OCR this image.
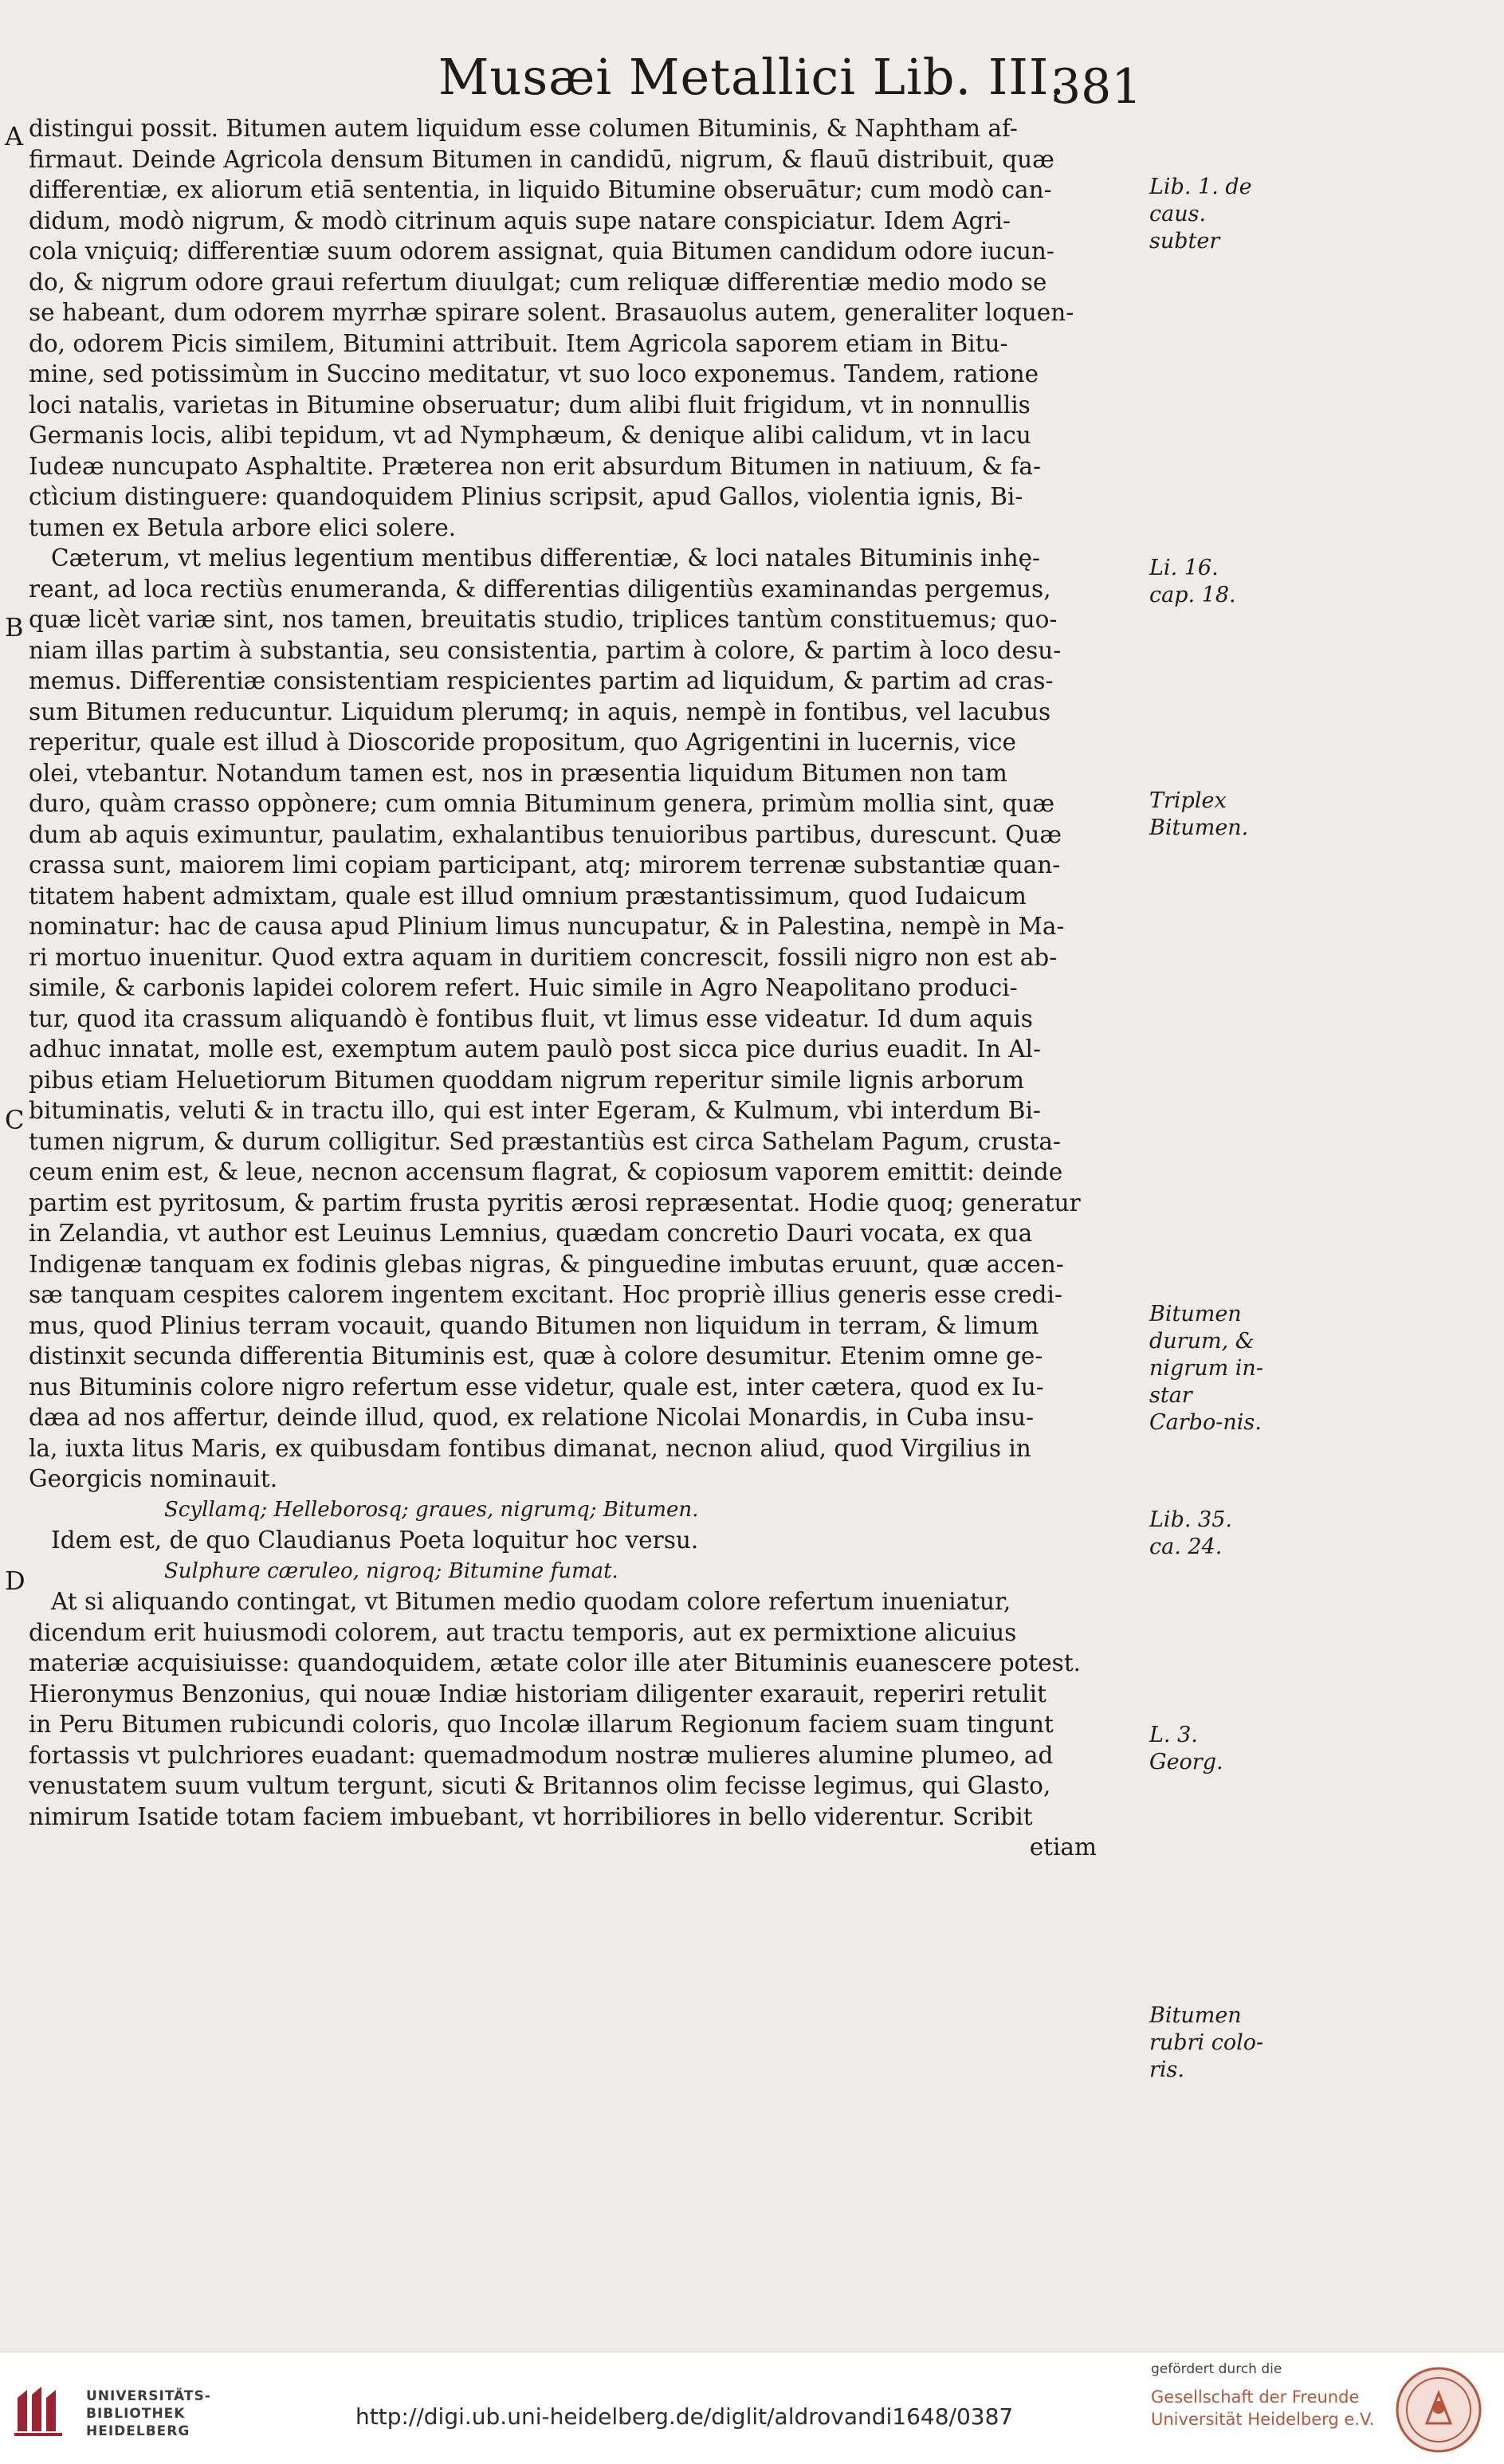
Musæi Metallici Lib. III.
381
A
B
C
D
distingui possit. Bitumen autem liquidum esse columen Bituminis, & Naphtham af-
firmaut. Deinde Agricola densum Bitumen in candidū, nigrum, & flauū distribuit, quæ
differentiæ, ex aliorum etiā sententia, in liquido Bitumine obseruātur; cum modò can-
didum, modò nigrum, & modò citrinum aquis supe natare conspiciatur. Idem Agri-
cola vniçuiq; differentiæ suum odorem assignat, quia Bitumen candidum odore iucun-
do, & nigrum odore graui refertum diuulgat; cum reliquæ differentiæ medio modo se
se habeant, dum odorem myrrhæ spirare solent. Brasauolus autem, generaliter loquen-
do, odorem Picis similem, Bitumini attribuit. Item Agricola saporem etiam in Bitu-
mine, sed potissimùm in Succino meditatur, vt suo loco exponemus. Tandem, ratione
loci natalis, varietas in Bitumine obseruatur; dum alibi fluit frigidum, vt in nonnullis
Germanis locis, alibi tepidum, vt ad Nymphæum, & denique alibi calidum, vt in lacu
Iudeæ nuncupato Asphaltite. Præterea non erit absurdum Bitumen in natiuum, & fa-
ctìcium distinguere: quandoquidem Plinius scripsit, apud Gallos, violentia ignis, Bi-
tumen ex Betula arbore elici solere.
Cæterum, vt melius legentium mentibus differentiæ, & loci natales Bituminis inhę-
reant, ad loca rectiùs enumeranda, & differentias diligentiùs examinandas pergemus,
quæ licèt variæ sint, nos tamen, breuitatis studio, triplices tantùm constituemus; quo-
niam illas partim à substantia, seu consistentia, partim à colore, & partim à loco desu-
memus. Differentiæ consistentiam respicientes partim ad liquidum, & partim ad cras-
sum Bitumen reducuntur. Liquidum plerumq; in aquis, nempè in fontibus, vel lacubus
reperitur, quale est illud à Dioscoride propositum, quo Agrigentini in lucernis, vice
olei, vtebantur. Notandum tamen est, nos in præsentia liquidum Bitumen non tam
duro, quàm crasso oppònere; cum omnia Bituminum genera, primùm mollia sint, quæ
dum ab aquis eximuntur, paulatim, exhalantibus tenuioribus partibus, durescunt. Quæ
crassa sunt, maiorem limi copiam participant, atq; mirorem terrenæ substantiæ quan-
titatem habent admixtam, quale est illud omnium præstantissimum, quod Iudaicum
nominatur: hac de causa apud Plinium limus nuncupatur, & in Palestina, nempè in Ma-
ri mortuo inuenitur. Quod extra aquam in duritiem concrescit, fossili nigro non est ab-
simile, & carbonis lapidei colorem refert. Huic simile in Agro Neapolitano produci-
tur, quod ita crassum aliquandò è fontibus fluit, vt limus esse videatur. Id dum aquis
adhuc innatat, molle est, exemptum autem paulò post sicca pice durius euadit. In Al-
pibus etiam Heluetiorum Bitumen quoddam nigrum reperitur simile lignis arborum
bituminatis, veluti & in tractu illo, qui est inter Egeram, & Kulmum, vbi interdum Bi-
tumen nigrum, & durum colligitur. Sed præstantiùs est circa Sathelam Pagum, crusta-
ceum enim est, & leue, necnon accensum flagrat, & copiosum vaporem emittit: deinde
partim est pyritosum, & partim frusta pyritis ærosi repræsentat. Hodie quoq; generatur
in Zelandia, vt author est Leuinus Lemnius, quædam concretio Dauri vocata, ex qua
Indigenæ tanquam ex fodinis glebas nigras, & pinguedine imbutas eruunt, quæ accen-
sæ tanquam cespites calorem ingentem excitant. Hoc propriè illius generis esse credi-
mus, quod Plinius terram vocauit, quando Bitumen non liquidum in terram, & limum
distinxit secunda differentia Bituminis est, quæ à colore desumitur. Etenim omne ge-
nus Bituminis colore nigro refertum esse videtur, quale est, inter cætera, quod ex Iu-
dæa ad nos affertur, deinde illud, quod, ex relatione Nicolai Monardis, in Cuba insu-
la, iuxta litus Maris, ex quibusdam fontibus dimanat, necnon aliud, quod Virgilius in
Georgicis nominauit.
Scyllamq; Helleborosq; graues, nigrumq; Bitumen.
Idem est, de quo Claudianus Poeta loquitur hoc versu.
Sulphure cæruleo, nigroq; Bitumine fumat.
At si aliquando contingat, vt Bitumen medio quodam colore refertum inueniatur,
dicendum erit huiusmodi colorem, aut tractu temporis, aut ex permixtione alicuius
materiæ acquisiuisse: quandoquidem, ætate color ille ater Bituminis euanescere potest.
Hieronymus Benzonius, qui nouæ Indiæ historiam diligenter exarauit, reperiri retulit
in Peru Bitumen rubicundi coloris, quo Incolæ illarum Regionum faciem suam tingunt
fortassis vt pulchriores euadant: quemadmodum nostræ mulieres alumine plumeo, ad
venustatem suum vultum tergunt, sicuti & Britannos olim fecisse legimus, qui Glasto,
nimirum Isatide totam faciem imbuebant, vt horribiliores in bello viderentur. Scribit
etiam
Lib. 1. de caus. subter
Li. 16. cap. 18.
Triplex Bitumen.
Bitumen durum, & nigrum in-star Carbo-nis.
Lib. 35. ca. 24.
L. 3. Georg.
Bitumen rubri colo-ris.
UNIVERSITÄTS-
BIBLIOTHEK
HEIDELBERG
http://digi.ub.uni-heidelberg.de/diglit/aldrovandi1648/0387
gefördert durch die
Gesellschaft der Freunde
Universität Heidelberg e.V.
